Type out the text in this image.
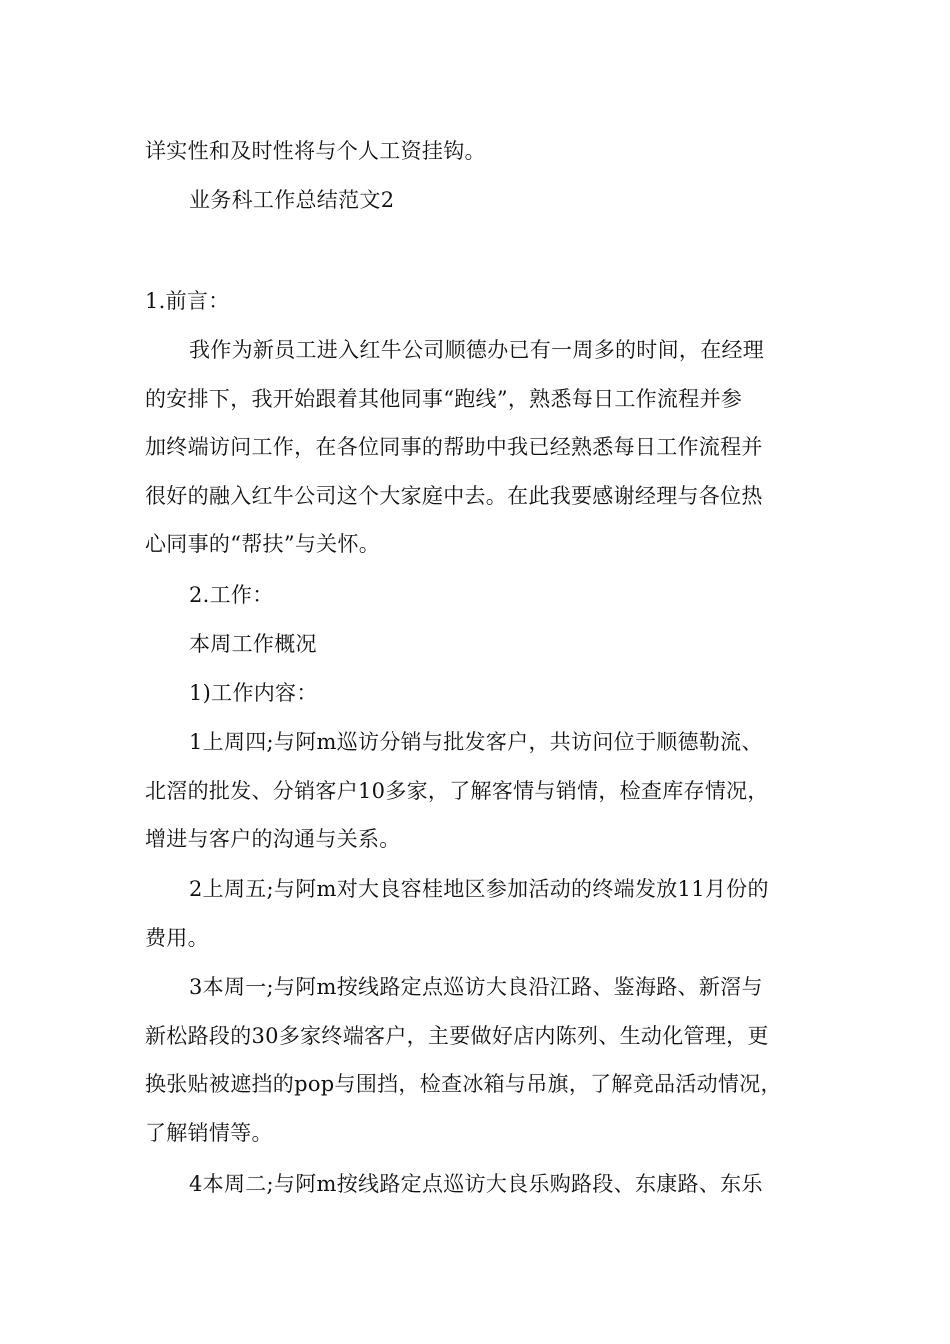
详实性和及时性将与个人工资挂钩。

业务科工作总结范文2

1.前言：

我作为新员工进入红牛公司顺德办已有一周多的时间，在经理
的安排下，我开始跟着其他同事“跑线”，熟悉每日工作流程并参
加终端访问工作，在各位同事的帮助中我已经熟悉每日工作流程并
很好的融入红牛公司这个大家庭中去。在此我要感谢经理与各位热
心同事的“帮扶”与关怀。

2.工作：

本周工作概况

1)工作内容：

1上周四;与阿m巡访分销与批发客户，共访问位于顺德勒流、
北滘的批发、分销客户10多家，了解客情与销情，检查库存情况，
增进与客户的沟通与关系。

2上周五;与阿m对大良容桂地区参加活动的终端发放11月份的
费用。

3本周一;与阿m按线路定点巡访大良沿江路、鉴海路、新滘与
新松路段的30多家终端客户，主要做好店内陈列、生动化管理，更
换张贴被遮挡的pop与围挡，检查冰箱与吊旗，了解竞品活动情况，
了解销情等。

4本周二;与阿m按线路定点巡访大良乐购路段、东康路、东乐
